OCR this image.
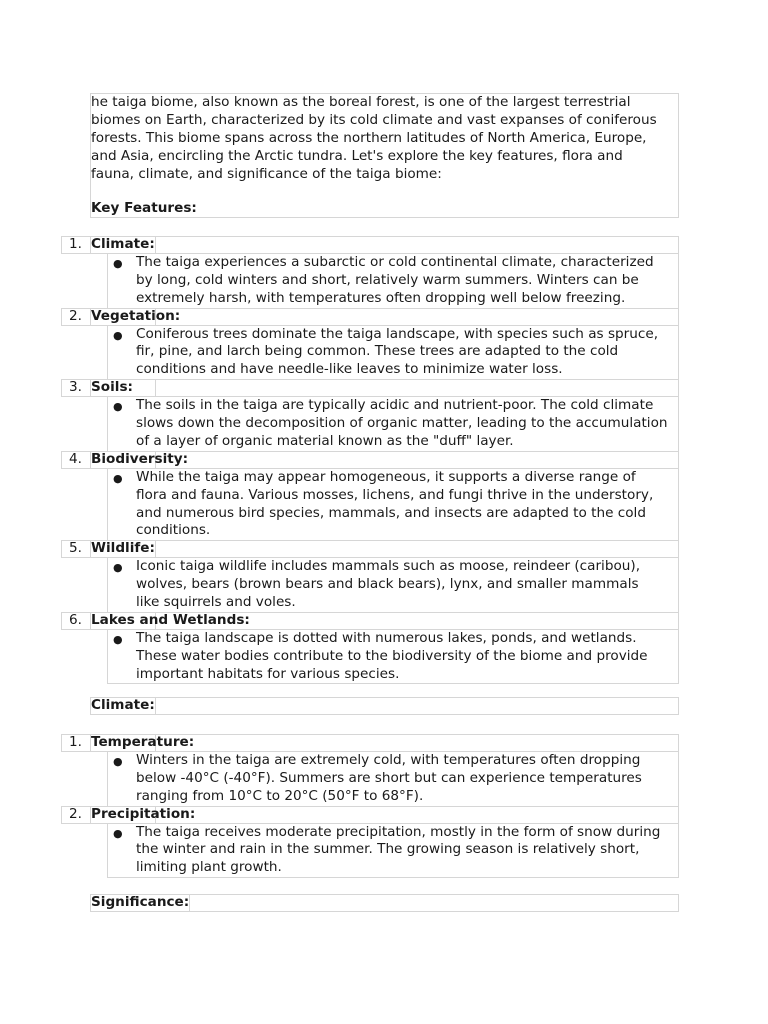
he taiga biome, also known as the boreal forest, is one of the largest terrestrial
biomes on Earth, characterized by its cold climate and vast expanses of coniferous
forests. This biome spans across the northern latitudes of North America, Europe,
and Asia, encircling the Arctic tundra. Let's explore the key features, flora and
fauna, climate, and significance of the taiga biome:
Key Features:
1. Climate:
● The taiga experiences a subarctic or cold continental climate, characterized
by long, cold winters and short, relatively warm summers. Winters can be
extremely harsh, with temperatures often dropping well below freezing.
2. Vegetation:
● Coniferous trees dominate the taiga landscape, with species such as spruce,
fir, pine, and larch being common. These trees are adapted to the cold
conditions and have needle-like leaves to minimize water loss.
3. Soils:
● The soils in the taiga are typically acidic and nutrient-poor. The cold climate
slows down the decomposition of organic matter, leading to the accumulation
of a layer of organic material known as the "duff" layer.
4. Biodiversity:
● While the taiga may appear homogeneous, it supports a diverse range of
flora and fauna. Various mosses, lichens, and fungi thrive in the understory,
and numerous bird species, mammals, and insects are adapted to the cold
conditions.
5. Wildlife:
● Iconic taiga wildlife includes mammals such as moose, reindeer (caribou),
wolves, bears (brown bears and black bears), lynx, and smaller mammals
like squirrels and voles.
6. Lakes and Wetlands:
● The taiga landscape is dotted with numerous lakes, ponds, and wetlands.
These water bodies contribute to the biodiversity of the biome and provide
important habitats for various species.
Climate:
1. Temperature:
● Winters in the taiga are extremely cold, with temperatures often dropping
below -40°C (-40°F). Summers are short but can experience temperatures
ranging from 10°C to 20°C (50°F to 68°F).
2. Precipitation:
● The taiga receives moderate precipitation, mostly in the form of snow during
the winter and rain in the summer. The growing season is relatively short,
limiting plant growth.
Significance:
